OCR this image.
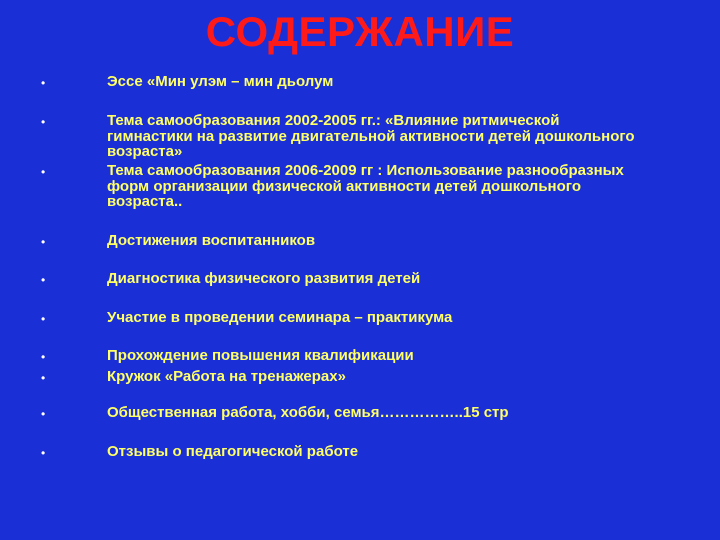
СОДЕРЖАНИЕ
•	Эссе «Мин улэм – мин дьолум
•	Тема самообразования 2002-2005 гг.: «Влияние ритмической
гимнастики на развитие двигательной активности детей дошкольного
возраста»
•	Тема самообразования 2006-2009 гг : Использование разнообразных
форм организации физической активности детей дошкольного
возраста..
•	Достижения воспитанников
•	Диагностика физического развития детей
•	Участие в проведении семинара – практикума
•	Прохождение повышения квалификации
•	Кружок «Работа на тренажерах»
•	Общественная работа, хобби, семья……………..15 стр
•	Отзывы о педагогической работе
